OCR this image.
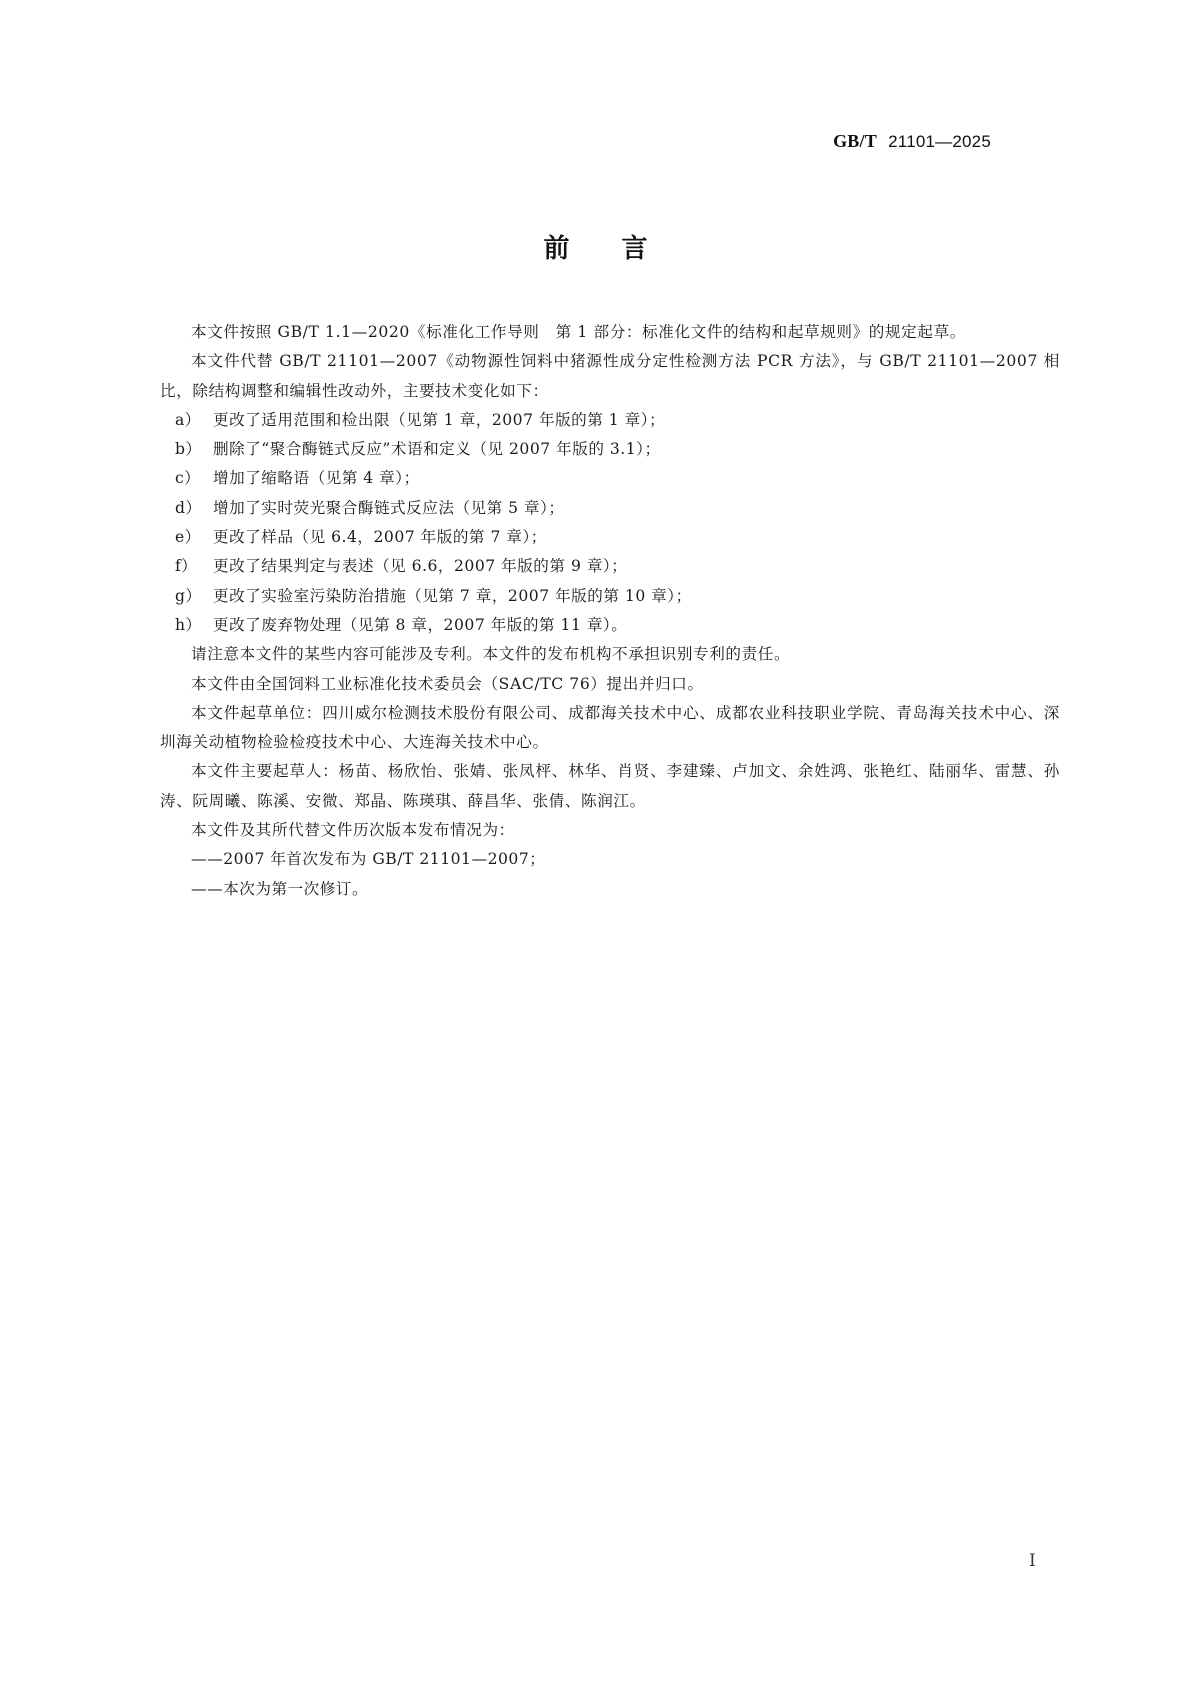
GB/T 21101—2025
前 言

本文件按照 GB/T 1.1—2020《标准化工作导则　第 1 部分：标准化文件的结构和起草规则》的规定起草。

本文件代替 GB/T 21101—2007《动物源性饲料中猪源性成分定性检测方法 PCR 方法》，与 GB/T 21101—2007 相比，除结构调整和编辑性改动外，主要技术变化如下：

a） 更改了适用范围和检出限（见第 1 章，2007 年版的第 1 章）；

b） 删除了“聚合酶链式反应”术语和定义（见 2007 年版的 3.1）；

c） 增加了缩略语（见第 4 章）；

d） 增加了实时荧光聚合酶链式反应法（见第 5 章）；

e） 更改了样品（见 6.4，2007 年版的第 7 章）；

f） 更改了结果判定与表述（见 6.6，2007 年版的第 9 章）；

g） 更改了实验室污染防治措施（见第 7 章，2007 年版的第 10 章）；

h） 更改了废弃物处理（见第 8 章，2007 年版的第 11 章）。

请注意本文件的某些内容可能涉及专利。本文件的发布机构不承担识别专利的责任。

本文件由全国饲料工业标准化技术委员会（SAC/TC 76）提出并归口。

本文件起草单位：四川威尔检测技术股份有限公司、成都海关技术中心、成都农业科技职业学院、青岛海关技术中心、深圳海关动植物检验检疫技术中心、大连海关技术中心。

本文件主要起草人：杨苗、杨欣怡、张婧、张凤枰、林华、肖贤、李建臻、卢加文、余姓鸿、张艳红、陆丽华、雷慧、孙涛、阮周曦、陈溪、安微、郑晶、陈瑛琪、薛昌华、张倩、陈润江。

本文件及其所代替文件历次版本发布情况为：

——2007 年首次发布为 GB/T 21101—2007；

——本次为第一次修订。

I
